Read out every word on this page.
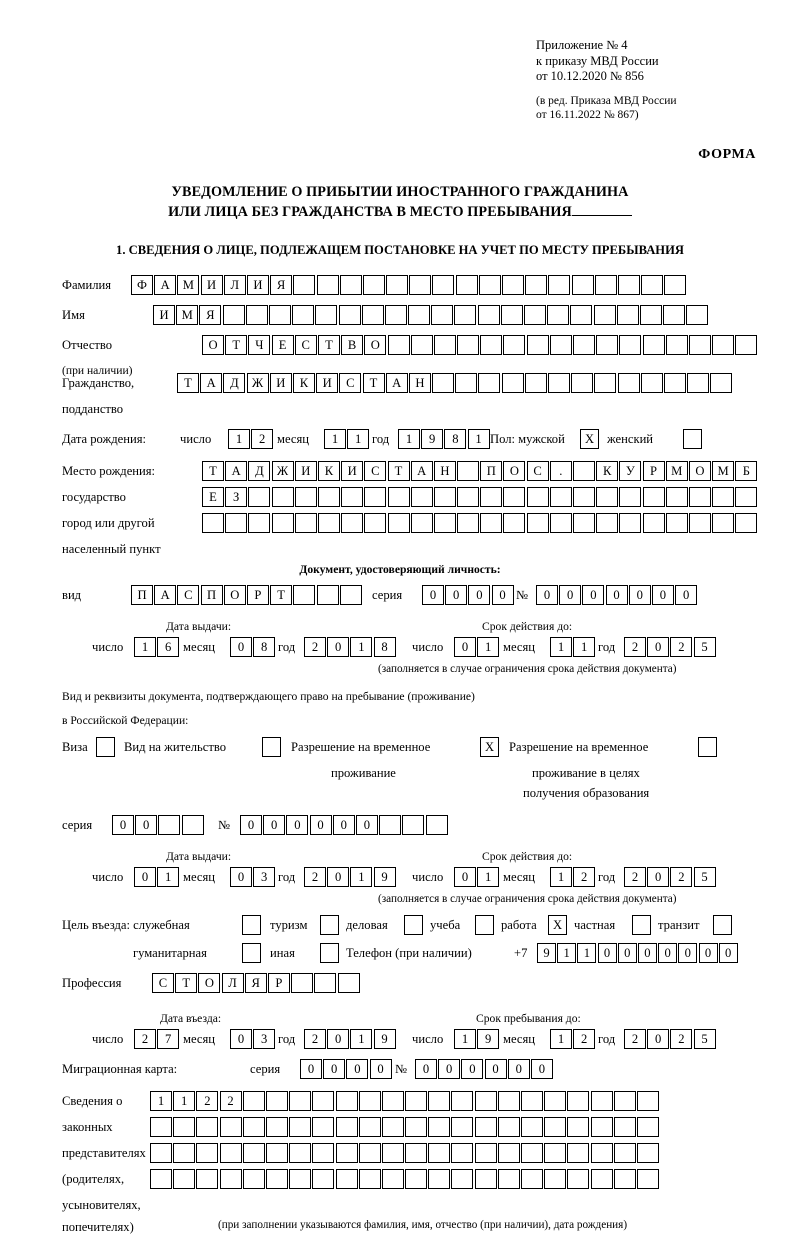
Приложение № 4
к приказу МВД России
от 10.12.2020 № 856
(в ред. Приказа МВД России
от 16.11.2022 № 867)
ФОРМА
УВЕДОМЛЕНИЕ О ПРИБЫТИИ ИНОСТРАННОГО ГРАЖДАНИНА
ИЛИ ЛИЦА БЕЗ ГРАЖДАНСТВА В МЕСТО ПРЕБЫВАНИЯ
1. СВЕДЕНИЯ О ЛИЦЕ, ПОДЛЕЖАЩЕМ ПОСТАНОВКЕ НА УЧЕТ ПО МЕСТУ ПРЕБЫВАНИЯ
Фамилия	Ф	А	М	И	Л	И	Я
Имя	И	М	Я
Отчество	О	Т	Ч	Е	С	Т	В	О
(при наличии)
Гражданство,	Т	А	Д	Ж	И	К	И	С	Т	А	Н
подданство
Дата рождения:	число	1	2 месяц	1	1 год	1	9	8	1 Пол: мужской	X	женский
Место рождения:	Т	А	Д	Ж	И	К	И	С	Т	А	Н	П	О	С	.	К	У	Р	М	О	М	Б
государство	Е	З
город или другой
населенный пункт
Документ, удостоверяющий личность:
вид	П	А	С	П	О	Р	Т	серия	0	0	0	0 №	0	0	0	0	0	0	0
Дата выдачи:	Срок действия до:
число	1	6 месяц	0	8 год	2	0	1	8	число	0	1 месяц	1	1 год	2	0	2	5
(заполняется в случае ограничения срока действия документа)
Вид и реквизиты документа, подтверждающего право на пребывание (проживание)
в Российской Федерации:
Виза	Вид на жительство	Разрешение на временное	X	Разрешение на временное
проживание	проживание в целях
получения образования
серия	0	0	№	0	0	0	0	0	0
Дата выдачи:	Срок действия до:
число	0	1 месяц	0	3 год	2	0	1	9	число	0	1 месяц	1	2 год	2	0	2	5
(заполняется в случае ограничения срока действия документа)
Цель въезда: служебная	туризм	деловая	учеба	работа	X частная	транзит
гуманитарная	иная	Телефон (при наличии)	+7	9	1	1	0	0	0	0	0	0	0
Профессия	С	Т	О	Л	Я	Р
Дата въезда:	Срок пребывания до:
число	2	7 месяц	0	3 год	2	0	1	9	число	1	9 месяц	1	2 год	2	0	2	5
Миграционная карта:	серия	0	0	0	0 №	0	0	0	0	0	0
Сведения о	1	1	2	2
законных
представителях
(родителях,
усыновителях,
попечителях)	(при заполнении указываются фамилия, имя, отчество (при наличии), дата рождения)
